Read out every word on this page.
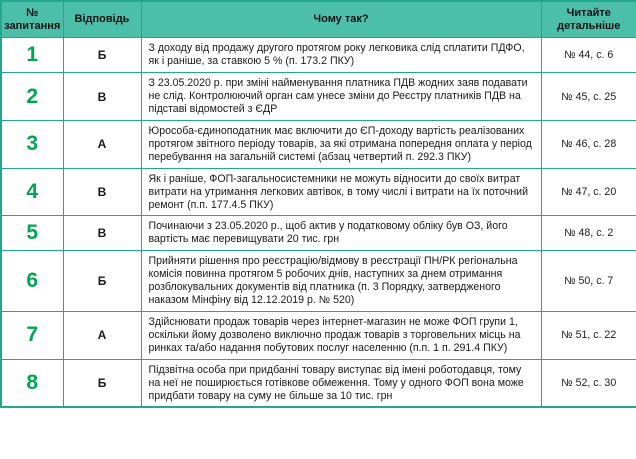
№ запитання	Відповідь	Чому так?	Читайте детальніше
1	Б	З доходу від продажу другого протягом року легковика слід сплатити ПДФО, як і раніше, за ставкою 5 % (п. 173.2 ПКУ)	№ 44, с. 6
2	В	З 23.05.2020 р. при зміні найменування платника ПДВ жодних заяв подавати не слід. Контролюючий орган сам унесе зміни до Реєстру платників ПДВ на підставі відомостей з ЄДР	№ 45, с. 25
3	А	Юрособа-єдиноподатник має включити до ЄП-доходу вартість реалізованих протягом звітного періоду товарів, за які отримана попередня оплата у період перебування на загальній системі (абзац четвертий п. 292.3 ПКУ)	№ 46, с. 28
4	В	Як і раніше, ФОП-загальносистемники не можуть відносити до своїх витрат витрати на утримання легкових автівок, в тому числі і витрати на їх поточний ремонт (п.п. 177.4.5 ПКУ)	№ 47, с. 20
5	В	Починаючи з 23.05.2020 р., щоб актив у податковому обліку був ОЗ, його вартість має перевищувати 20 тис. грн	№ 48, с. 2
6	Б	Прийняти рішення про реєстрацію/відмову в реєстрації ПН/РК регіональна комісія повинна протягом 5 робочих днів, наступних за днем отримання розблокувальних документів від платника (п. 3 Порядку, затвердженого наказом Мінфіну від 12.12.2019 р. № 520)	№ 50, с. 7
7	А	Здійснювати продаж товарів через інтернет-магазин не може ФОП групи 1, оскільки йому дозволено виключно продаж товарів з торговельних місць на ринках та/або надання побутових послуг населенню (п.п. 1 п. 291.4 ПКУ)	№ 51, с. 22
8	Б	Підзвітна особа при придбанні товару виступає від імені роботодавця, тому на неї не поширюється готівкове обмеження. Тому у одного ФОП вона може придбати товару на суму не більше за 10 тис. грн	№ 52, с. 30
